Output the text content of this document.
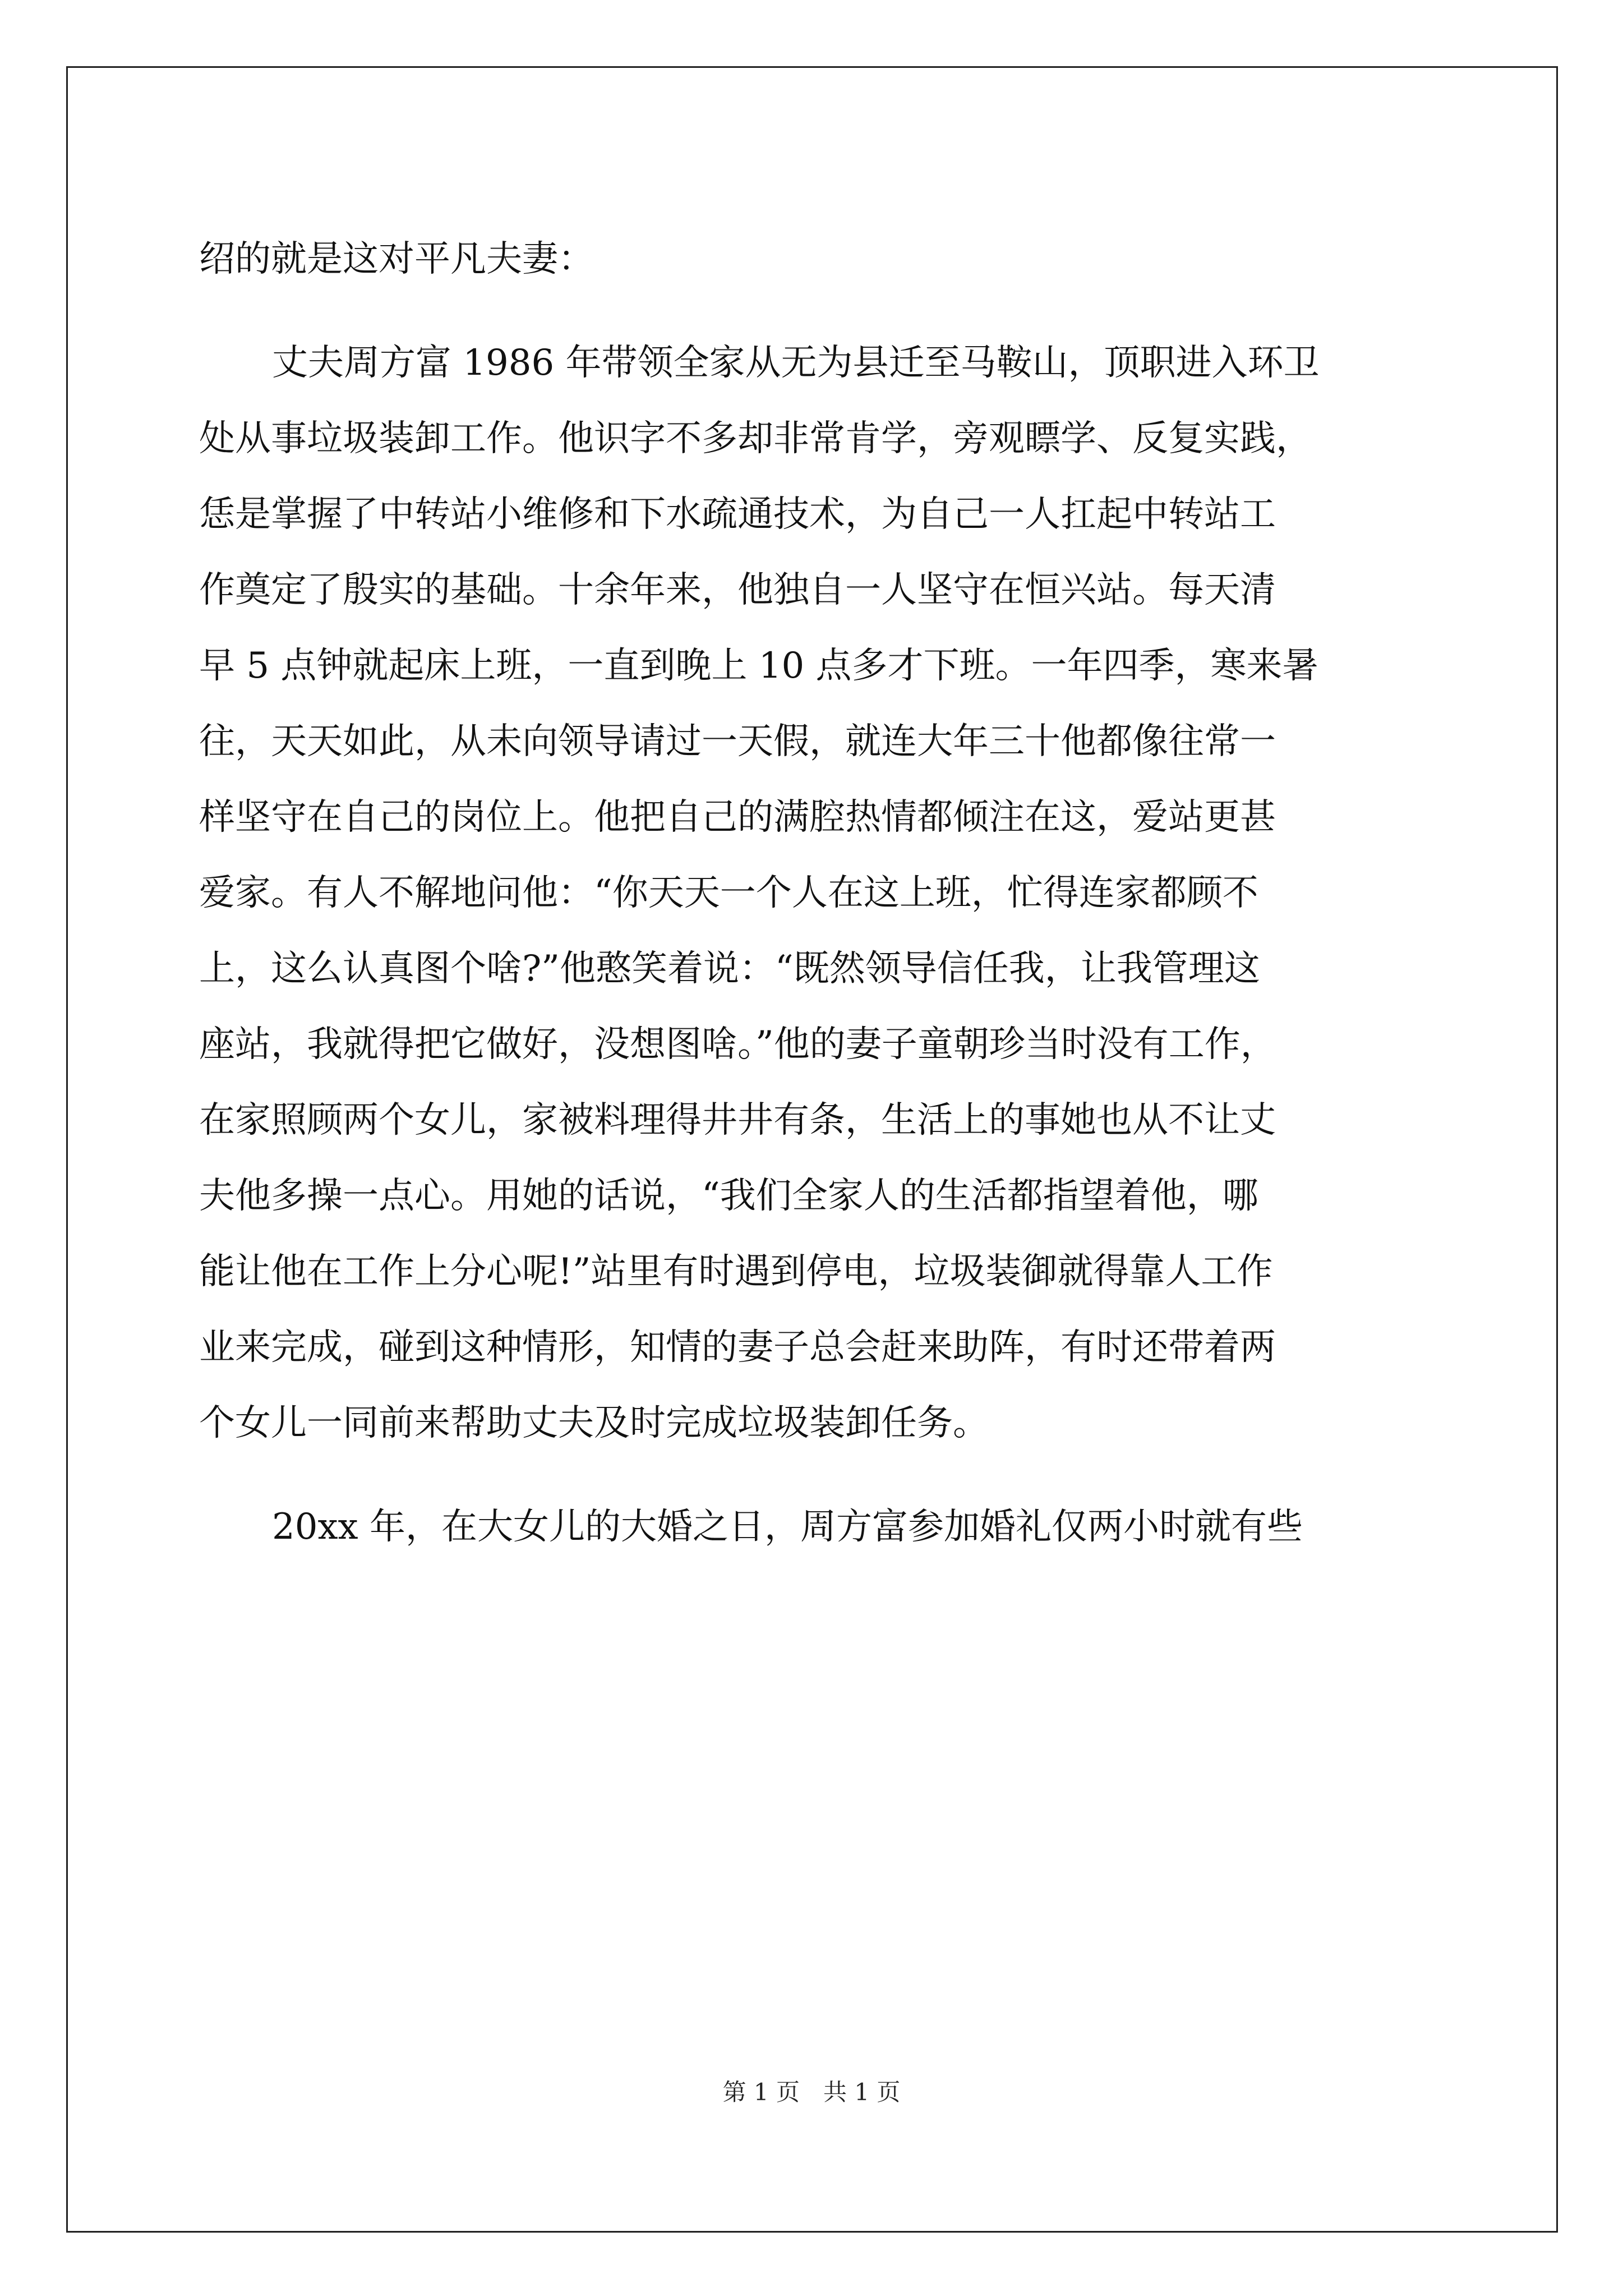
绍的就是这对平凡夫妻：
丈夫周方富 1986 年带领全家从无为县迁至马鞍山，顶职进入环卫
处从事垃圾装卸工作。他识字不多却非常肯学，旁观瞟学、反复实践，
恁是掌握了中转站小维修和下水疏通技术，为自己一人扛起中转站工
作奠定了殷实的基础。十余年来，他独自一人坚守在恒兴站。每天清
早 5 点钟就起床上班，一直到晚上 10 点多才下班。一年四季，寒来暑
往，天天如此，从未向领导请过一天假，就连大年三十他都像往常一
样坚守在自己的岗位上。他把自己的满腔热情都倾注在这，爱站更甚
爱家。有人不解地问他：“你天天一个人在这上班，忙得连家都顾不
上，这么认真图个啥?”他憨笑着说：“既然领导信任我，让我管理这
座站，我就得把它做好，没想图啥。”他的妻子童朝珍当时没有工作，
在家照顾两个女儿，家被料理得井井有条，生活上的事她也从不让丈
夫他多操一点心。用她的话说，“我们全家人的生活都指望着他，哪
能让他在工作上分心呢!”站里有时遇到停电，垃圾装御就得靠人工作
业来完成，碰到这种情形，知情的妻子总会赶来助阵，有时还带着两
个女儿一同前来帮助丈夫及时完成垃圾装卸任务。
20xx 年，在大女儿的大婚之日，周方富参加婚礼仅两小时就有些
第 1 页　共 1 页
